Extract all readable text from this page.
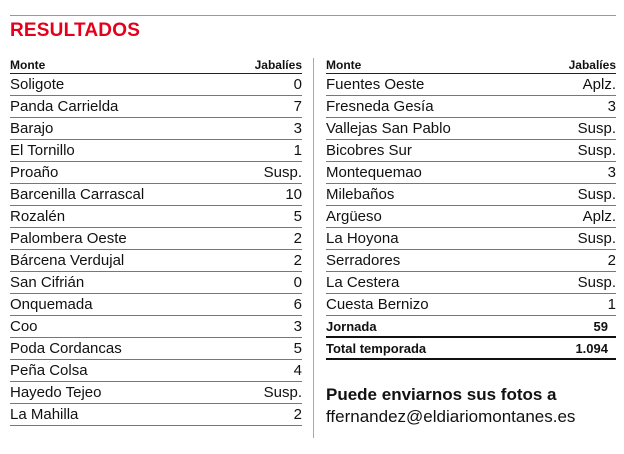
RESULTADOS
Monte	Jabalíes
Soligote	0
Panda Carrielda	7
Barajo	3
El Tornillo	1
Proaño	Susp.
Barcenilla Carrascal	10
Rozalén	5
Palombera Oeste	2
Bárcena Verdujal	2
San Cifrián	0
Onquemada	6
Coo	3
Poda Cordancas	5
Peña Colsa	4
Hayedo Tejeo	Susp.
La Mahilla	2
Monte	Jabalíes
Fuentes Oeste	Aplz.
Fresneda Gesía	3
Vallejas San Pablo	Susp.
Bicobres Sur	Susp.
Montequemao	3
Milebaños	Susp.
Argüeso	Aplz.
La Hoyona	Susp.
Serradores	2
La Cestera	Susp.
Cuesta Bernizo	1
Jornada	59
Total temporada	1.094
Puede enviarnos sus fotos a
ffernandez@eldiariomontanes.es
